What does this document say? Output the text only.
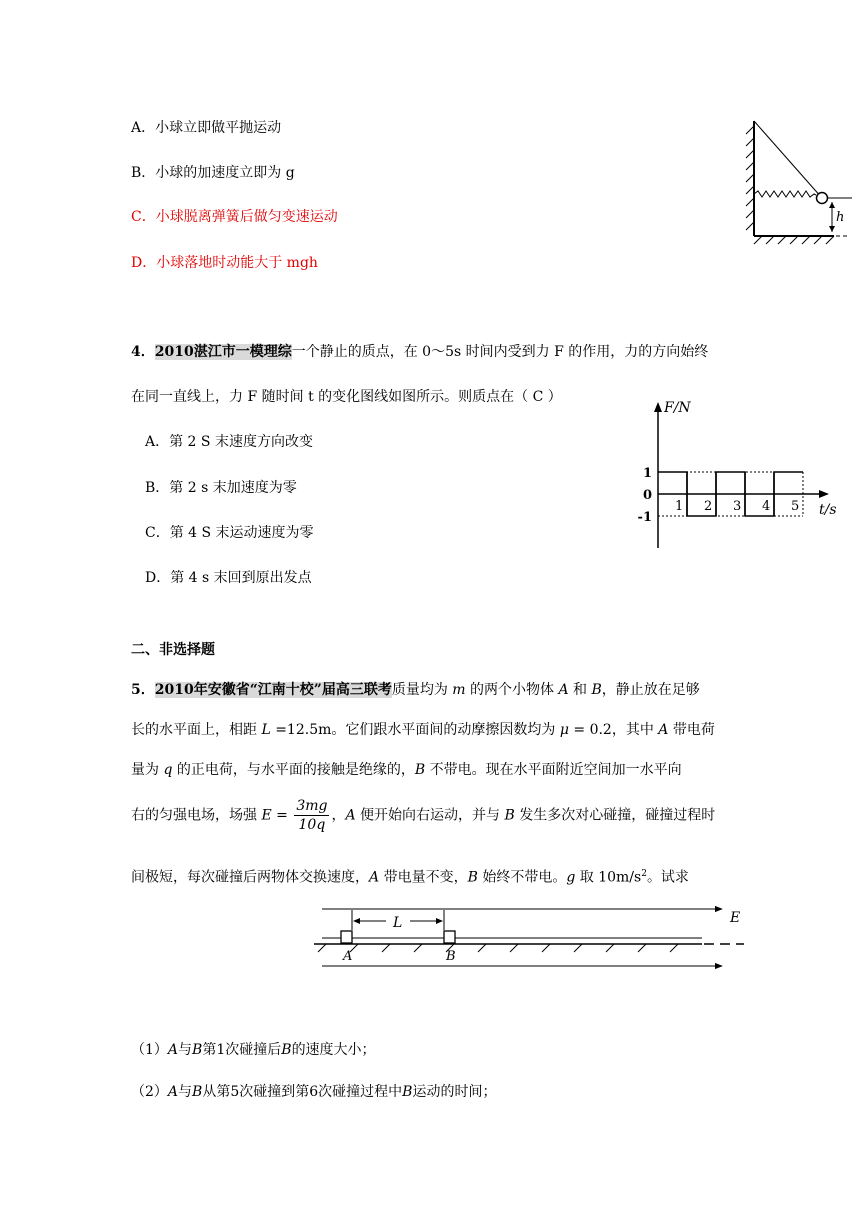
A．小球立即做平抛运动
B．小球的加速度立即为 g
C．小球脱离弹簧后做匀变速运动
D．小球落地时动能大于 mgh
h
4．2010湛江市一模理综一个静止的质点，在 0～5s 时间内受到力 F 的作用，力的方向始终
在同一直线上，力 F 随时间 t 的变化图线如图所示。则质点在（ C ）
A．第 2 S 末速度方向改变
B．第 2 s 末加速度为零
C．第 4 S 末运动速度为零
D．第 4 s 末回到原出发点
F/N
t/s
1
0
-1
1 2 3 4 5
二、非选择题
5．2010年安徽省“江南十校”届高三联考质量均为 m 的两个小物体 A 和 B，静止放在足够
长的水平面上，相距 L =12.5m。它们跟水平面间的动摩擦因数均为 μ = 0.2，其中 A 带电荷
量为 q 的正电荷，与水平面的接触是绝缘的，B 不带电。现在水平面附近空间加一水平向
右的匀强电场，场强 $E = \frac{3mg}{10q}$ ，A 便开始向右运动，并与 B 发生多次对心碰撞，碰撞过程时
间极短，每次碰撞后两物体交换速度，A 带电量不变，B 始终不带电。g 取 $10m/s^2$。试求
E
L
A	B
（1）A与B第1次碰撞后B的速度大小；
（2）A与B从第5次碰撞到第6次碰撞过程中B运动的时间；
